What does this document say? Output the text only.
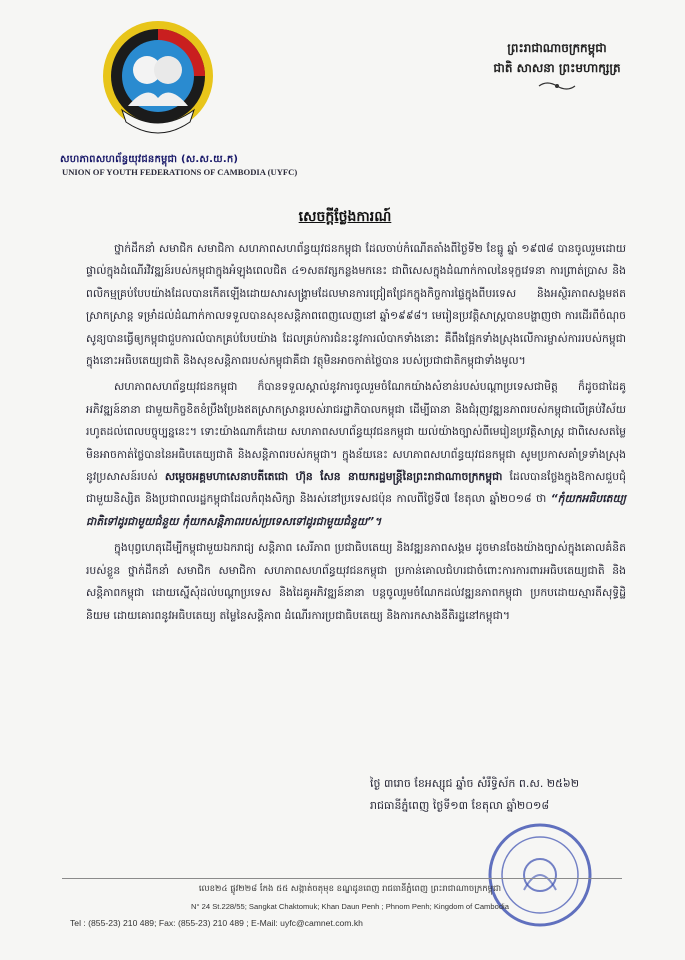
សហភាពសហព័ន្ធយុវជនកម្ពុជា (ស.ស.យ.ក)
UNION OF YOUTH FEDERATIONS OF CAMBODIA (UYFC)
ព្រះរាជាណាចក្រកម្ពុជា
ជាតិ សាសនា ព្រះមហាក្សត្រ
សេចក្តីថ្លែងការណ៍

ថ្នាក់ដឹកនាំ សមាជិក សមាជិកា សហភាពសហព័ន្ធយុវជនកម្ពុជា ដែលចាប់កំណើតតាំងពីថ្ងៃទី២ ខែធ្នូ ឆ្នាំ ១៩៧៨ បានចូលរួមដោយផ្ទាល់ក្នុងដំណើរវិវឌ្ឍន៍របស់កម្ពុជាក្នុងអំឡុងពេលជិត ៤១សតវត្សកន្លងមកនេះ ជាពិសេសក្នុងដំណាក់កាលនៃទុក្ខវេទនា ការព្រាត់ប្រាស និងពលិកម្មគ្រប់បែបយ៉ាងដែលបានកើតឡើងដោយសារសង្គ្រាមដែលមានការជ្រៀតជ្រែកក្នុងកិច្ចការផ្ទៃក្នុងពីបរទេស និងអស្ថិរភាពសង្គមឥតស្រាកស្រាន្ត ទម្រាំដល់ដំណាក់កាលទទួលបានសុខសន្តិភាពពេញលេញនៅ ឆ្នាំ១៩៩៨។ មេរៀនប្រវត្តិសាស្ត្របានបង្ហាញថា ការដើរពីចំណុចសូន្យបានធ្វើឲ្យកម្ពុជាជួបការលំបាកគ្រប់បែបយ៉ាង ដែលគ្រប់ការជំនះនូវការលំបាកទាំងនោះ គឺពឹងផ្អែកទាំងស្រុងលើការម្ចាស់ការរបស់កម្ពុជា ក្នុងនោះអធិបតេយ្យជាតិ និងសុខសន្តិភាពរបស់កម្ពុជាគឺជា វត្ថុមិនអាចកាត់ថ្លៃបាន របស់ប្រជាជាតិកម្ពុជាទាំងមូល។

សហភាពសហព័ន្ធយុវជនកម្ពុជា ក៏បានទទួលស្គាល់នូវការចូលរួមចំណែកយ៉ាងសំខាន់របស់បណ្តាប្រទេសជាមិត្ត ក៏ដូចជាដៃគូអភិវឌ្ឍន៍នានា ជាមួយកិច្ចខិតខំប្រឹងប្រែងឥតស្រាកស្រាន្តរបស់រាជរដ្ឋាភិបាលកម្ពុជា ដើម្បីធានា និងជំរុញវឌ្ឍនភាពរបស់កម្ពុជាលើគ្រប់វិស័យរហូតដល់ពេលបច្ចុប្បន្ននេះ។ ទោះយ៉ាងណាក៏ដោយ សហភាពសហព័ន្ធយុវជនកម្ពុជា យល់យ៉ាងច្បាស់ពីមេរៀនប្រវត្តិសាស្ត្រ ជាពិសេសតម្លៃមិនអាចកាត់ថ្លៃបាននៃអធិបតេយ្យជាតិ និងសន្តិភាពរបស់កម្ពុជា។ ក្នុងន័យនេះ សហភាពសហព័ន្ធយុវជនកម្ពុជា សូមប្រកាសគាំទ្រទាំងស្រុងនូវប្រសាសន៍របស់ សម្តេចអគ្គមហាសេនាបតីតេជោ ហ៊ុន សែន នាយករដ្ឋមន្ត្រីនៃព្រះរាជាណាចក្រកម្ពុជា ដែលបានថ្លែងក្នុងឱកាសជួបជុំជាមួយនិស្សិត និងប្រជាពលរដ្ឋកម្ពុជាដែលកំពុងសិក្សា និងរស់នៅប្រទេសជប៉ុន កាលពីថ្ងៃទី៧ ខែតុលា ឆ្នាំ២០១៨ ថា “កុំយកអធិបតេយ្យជាតិទៅដូរជាមួយជំនួយ កុំយកសន្តិភាពរបស់ប្រទេសទៅដូរជាមួយជំនួយ”។

ក្នុងបុព្វហេតុដើម្បីកម្ពុជាមួយឯករាជ្យ សន្តិភាព សេរីភាព ប្រជាធិបតេយ្យ និងវឌ្ឍនភាពសង្គម ដូចមានចែងយ៉ាងច្បាស់ក្នុងគោលគំនិតរបស់ខ្លួន ថ្នាក់ដឹកនាំ សមាជិក សមាជិកា សហភាពសហព័ន្ធយុវជនកម្ពុជា ប្រកាន់គោលជំហរជាចំពោះការការពារអធិបតេយ្យជាតិ និងសន្តិភាពកម្ពុជា ដោយស្នើសុំដល់បណ្តាប្រទេស និងដៃគូអភិវឌ្ឍន៍នានា បន្តចូលរួមចំណែកដល់វឌ្ឍនភាពកម្ពុជា ប្រកបដោយស្មារតីសុទ្ធិដ្ឋិនិយម ដោយគោរពនូវអធិបតេយ្យ តម្លៃនៃសន្តិភាព ដំណើរការប្រជាធិបតេយ្យ និងការកសាងនីតិរដ្ឋនៅកម្ពុជា។

ថ្ងៃ ៣រោច ខែអស្សុជ ឆ្នាំច សំរឹទ្ធិស័ក ព.ស. ២៥៦២
រាជធានីភ្នំពេញ ថ្ងៃទី១៣ ខែតុលា ឆ្នាំ២០១៨
លេខ២៤ ផ្លូវ២២៨ កែង ៥៥ សង្កាត់ចតុមុខ ខណ្ឌដូនពេញ រាជធានីភ្នំពេញ ព្រះរាជាណាចក្រកម្ពុជា
N° 24 St.228/55; Sangkat Chaktomuk; Khan Daun Penh ; Phnom Penh; Kingdom of Cambodia
Tel : (855-23) 210 489; Fax: (855-23) 210 489 ; E-Mail: uyfc@camnet.com.kh
